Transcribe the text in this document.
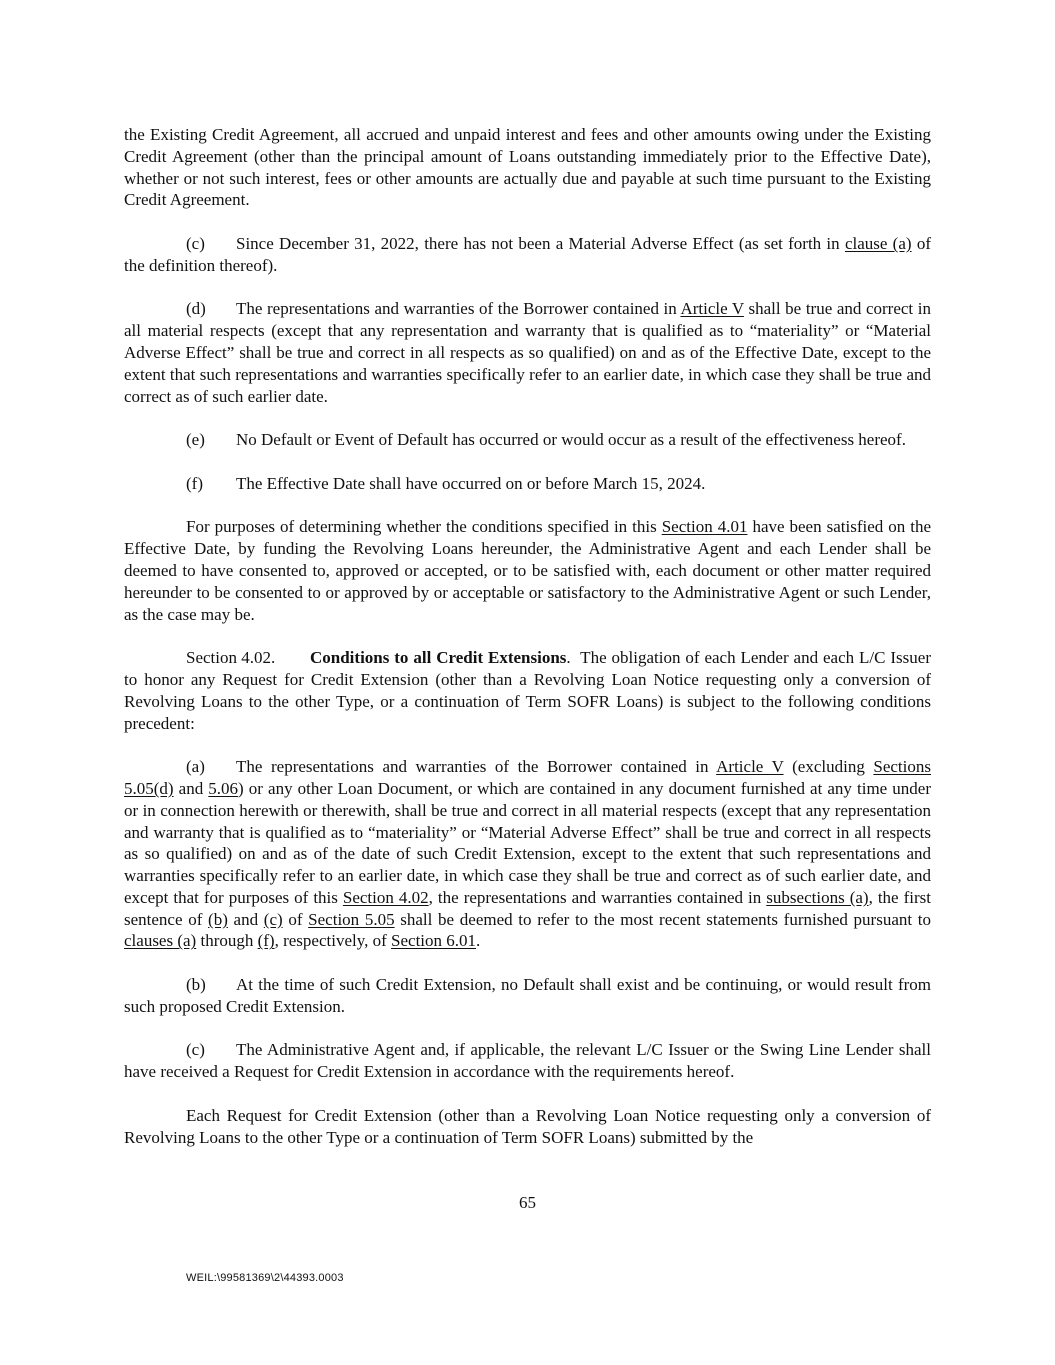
the Existing Credit Agreement, all accrued and unpaid interest and fees and other amounts owing under the Existing Credit Agreement (other than the principal amount of Loans outstanding immediately prior to the Effective Date), whether or not such interest, fees or other amounts are actually due and payable at such time pursuant to the Existing Credit Agreement.

(c) Since December 31, 2022, there has not been a Material Adverse Effect (as set forth in clause (a) of the definition thereof).

(d) The representations and warranties of the Borrower contained in Article V shall be true and correct in all material respects (except that any representation and warranty that is qualified as to “materiality” or “Material Adverse Effect” shall be true and correct in all respects as so qualified) on and as of the Effective Date, except to the extent that such representations and warranties specifically refer to an earlier date, in which case they shall be true and correct as of such earlier date.

(e) No Default or Event of Default has occurred or would occur as a result of the effectiveness hereof.

(f) The Effective Date shall have occurred on or before March 15, 2024.

For purposes of determining whether the conditions specified in this Section 4.01 have been satisfied on the Effective Date, by funding the Revolving Loans hereunder, the Administrative Agent and each Lender shall be deemed to have consented to, approved or accepted, or to be satisfied with, each document or other matter required hereunder to be consented to or approved by or acceptable or satisfactory to the Administrative Agent or such Lender, as the case may be.

Section 4.02. Conditions to all Credit Extensions.  The obligation of each Lender and each L/C Issuer to honor any Request for Credit Extension (other than a Revolving Loan Notice requesting only a conversion of Revolving Loans to the other Type, or a continuation of Term SOFR Loans) is subject to the following conditions precedent:

(a) The representations and warranties of the Borrower contained in Article V (excluding Sections 5.05(d) and 5.06) or any other Loan Document, or which are contained in any document furnished at any time under or in connection herewith or therewith, shall be true and correct in all material respects (except that any representation and warranty that is qualified as to “materiality” or “Material Adverse Effect” shall be true and correct in all respects as so qualified) on and as of the date of such Credit Extension, except to the extent that such representations and warranties specifically refer to an earlier date, in which case they shall be true and correct as of such earlier date, and except that for purposes of this Section 4.02, the representations and warranties contained in subsections (a), the first sentence of (b) and (c) of Section 5.05 shall be deemed to refer to the most recent statements furnished pursuant to clauses (a) through (f), respectively, of Section 6.01.

(b) At the time of such Credit Extension, no Default shall exist and be continuing, or would result from such proposed Credit Extension.

(c) The Administrative Agent and, if applicable, the relevant L/C Issuer or the Swing Line Lender shall have received a Request for Credit Extension in accordance with the requirements hereof.

Each Request for Credit Extension (other than a Revolving Loan Notice requesting only a conversion of Revolving Loans to the other Type or a continuation of Term SOFR Loans) submitted by the

65
WEIL:\99581369\2\44393.0003
